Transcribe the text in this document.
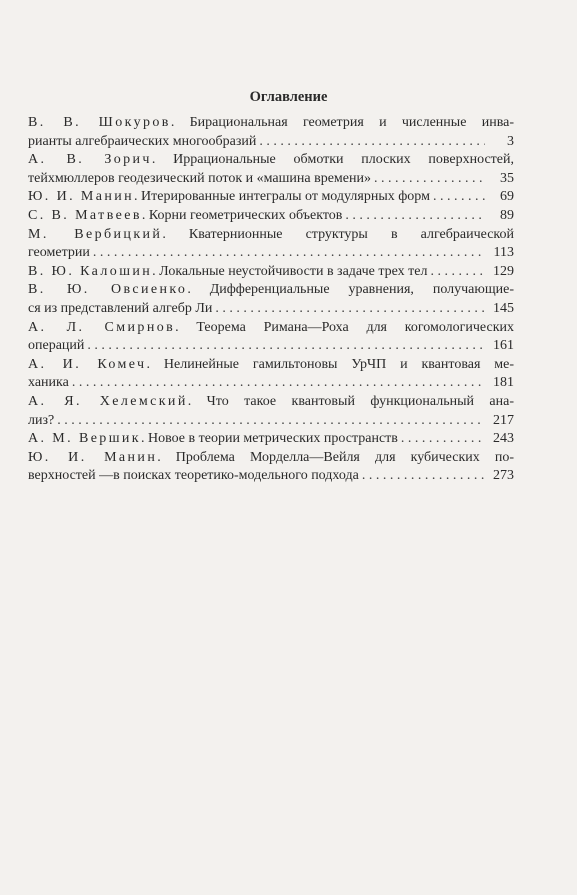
Оглавление
В. В. Шокуров. Бирациональная геометрия и численные инва-
рианты алгебраических многообразий . . .	3
А. В. Зорич. Иррациональные обмотки плоских поверхностей,
тейхмюллеров геодезический поток и «машина времени» . . .	35
Ю. И. Манин. Итерированные интегралы от модулярных форм . . .	69
С. В. Матвеев. Корни геометрических объектов . . .	89
М. Вербицкий. Кватернионные структуры в алгебраической
геометрии . . .	113
В. Ю. Калошин. Локальные неустойчивости в задаче трех тел . . .	129
В. Ю. Овсиенко. Дифференциальные уравнения, получающие-
ся из представлений алгебр Ли . . .	145
А. Л. Смирнов. Теорема Римана—Роха для когомологических
операций . . .	161
А. И. Комеч. Нелинейные гамильтоновы УрЧП и квантовая ме-
ханика . . .	181
А. Я. Хелемский. Что такое квантовый функциональный ана-
лиз? . . .	217
А. М. Вершик. Новое в теории метрических пространств . . .	243
Ю. И. Манин. Проблема Морделла—Вейля для кубических по-
верхностей —в поисках теоретико-модельного подхода . . .	273
